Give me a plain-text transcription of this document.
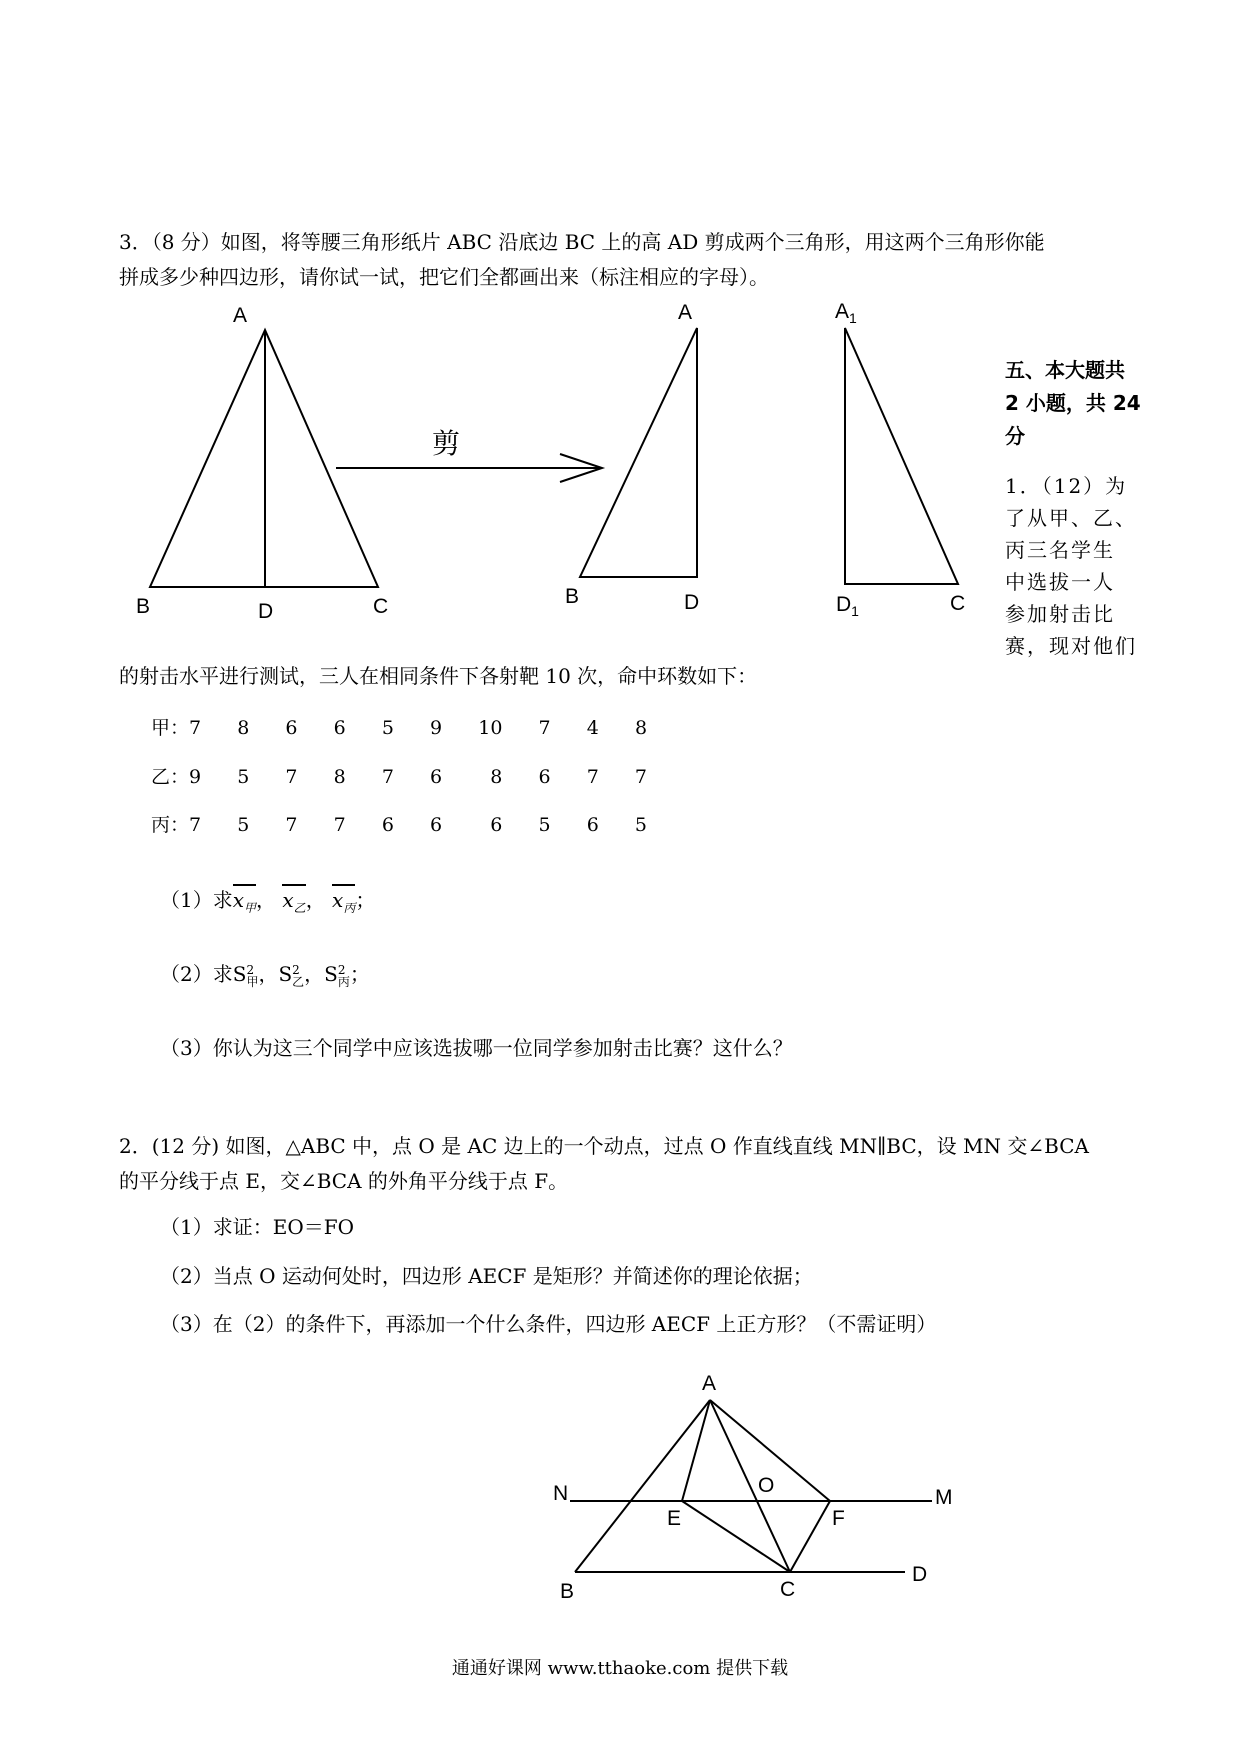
3．（8 分）如图，将等腰三角形纸片 ABC 沿底边 BC 上的高 AD 剪成两个三角形，用这两个三角形你能
拼成多少种四边形，请你试一试，把它们全都画出来（标注相应的字母）。
A
B	D	C
剪
A
B	D
$A_1$
$D_1$	C
五、本大题共
2 小题，共 24
分
1．（12）为
了从甲、乙、
丙三名学生
中选拔一人
参加射击比
赛，现对他们
的射击水平进行测试，三人在相同条件下各射靶 10 次，命中环数如下：
甲：7   8   6   6   5   9   10   7   4   8
乙：9   5   7   8   7   6    8   6   7   7
丙：7   5   7   7   6   6    6   5   6   5
（1）求$x_甲$， $x_乙$， $x_丙$；
（2）求S 2
甲 ，S 2
乙 ，S 2
丙 ；
（3）你认为这三个同学中应该选拔哪一位同学参加射击比赛？这什么？
2．(12 分) 如图，△ABC 中，点 O 是 AC 边上的一个动点，过点 O 作直线直线 MN∥BC，设 MN 交∠BCA
的平分线于点 E，交∠BCA 的外角平分线于点 F。
（1）求证：EO＝FO
（2）当点 O 运动何处时，四边形 AECF 是矩形？并简述你的理论依据；
（3）在（2）的条件下，再添加一个什么条件，四边形 AECF 上正方形？（不需证明）
A
N	O
M
E	F
B	C
D
通通好课网 www.tthaoke.com 提供下载
